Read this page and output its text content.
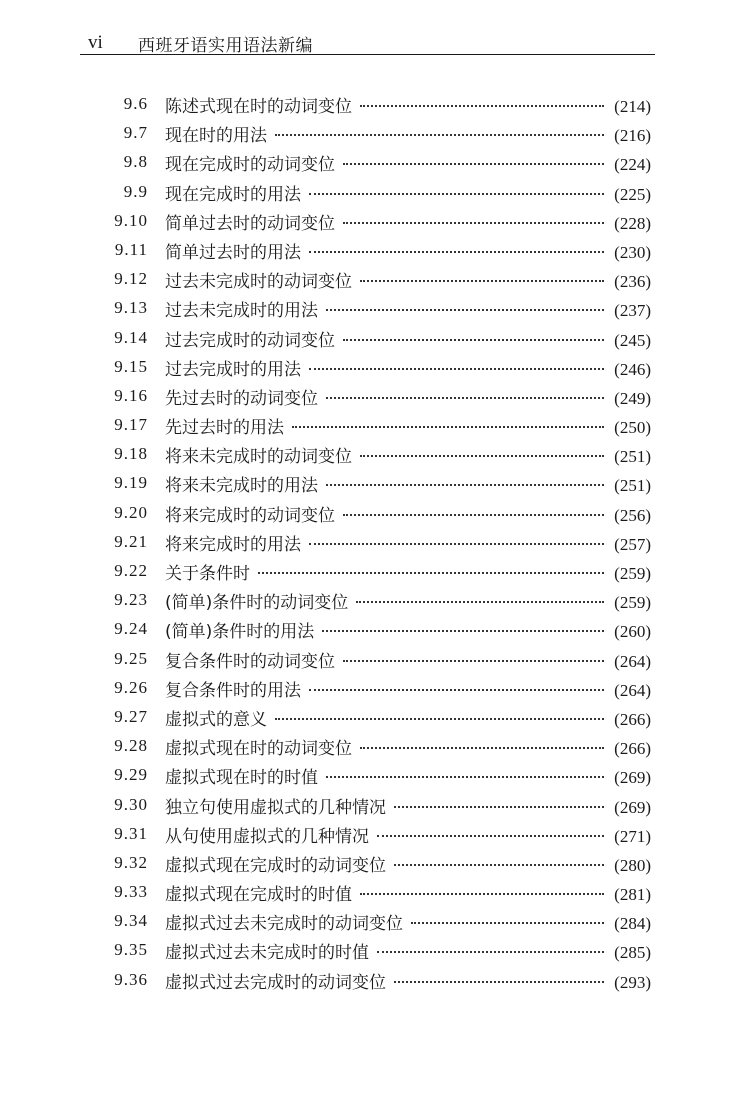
vi 西班牙语实用语法新编
9.6 陈述式现在时的动词变位	(214)
9.7 现在时的用法	(216)
9.8 现在完成时的动词变位	(224)
9.9 现在完成时的用法	(225)
9.10 简单过去时的动词变位	(228)
9.11 简单过去时的用法	(230)
9.12 过去未完成时的动词变位	(236)
9.13 过去未完成时的用法	(237)
9.14 过去完成时的动词变位	(245)
9.15 过去完成时的用法	(246)
9.16 先过去时的动词变位	(249)
9.17 先过去时的用法	(250)
9.18 将来未完成时的动词变位	(251)
9.19 将来未完成时的用法	(251)
9.20 将来完成时的动词变位	(256)
9.21 将来完成时的用法	(257)
9.22 关于条件时	(259)
9.23 (简单)条件时的动词变位	(259)
9.24 (简单)条件时的用法	(260)
9.25 复合条件时的动词变位	(264)
9.26 复合条件时的用法	(264)
9.27 虚拟式的意义	(266)
9.28 虚拟式现在时的动词变位	(266)
9.29 虚拟式现在时的时值	(269)
9.30 独立句使用虚拟式的几种情况	(269)
9.31 从句使用虚拟式的几种情况	(271)
9.32 虚拟式现在完成时的动词变位	(280)
9.33 虚拟式现在完成时的时值	(281)
9.34 虚拟式过去未完成时的动词变位	(284)
9.35 虚拟式过去未完成时的时值	(285)
9.36 虚拟式过去完成时的动词变位	(293)
